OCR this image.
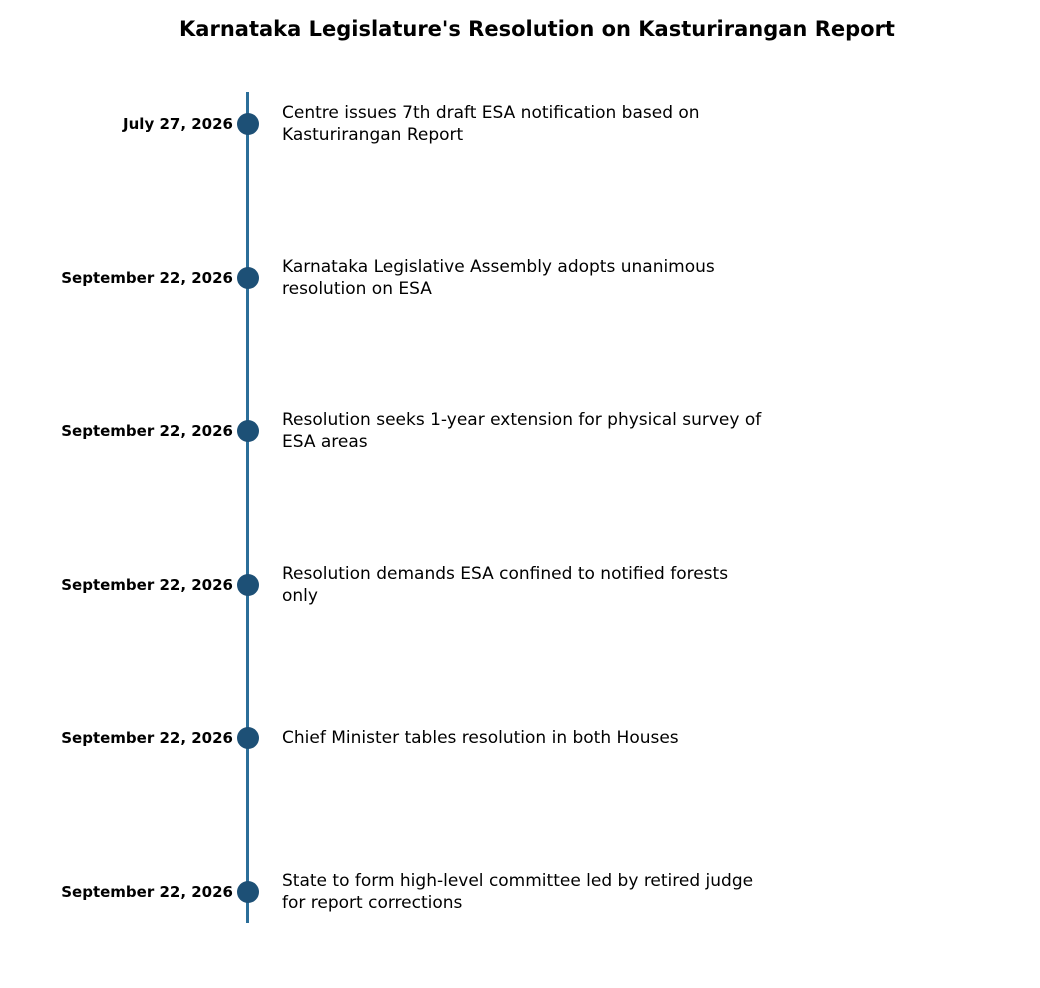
Karnataka Legislature's Resolution on Kasturirangan Report
July 27, 2026
Centre issues 7th draft ESA notification based on Kasturirangan Report
September 22, 2026
Karnataka Legislative Assembly adopts unanimous resolution on ESA
September 22, 2026
Resolution seeks 1-year extension for physical survey of ESA areas
September 22, 2026
Resolution demands ESA confined to notified forests only
September 22, 2026	Chief Minister tables resolution in both Houses
September 22, 2026
State to form high-level committee led by retired judge for report corrections
